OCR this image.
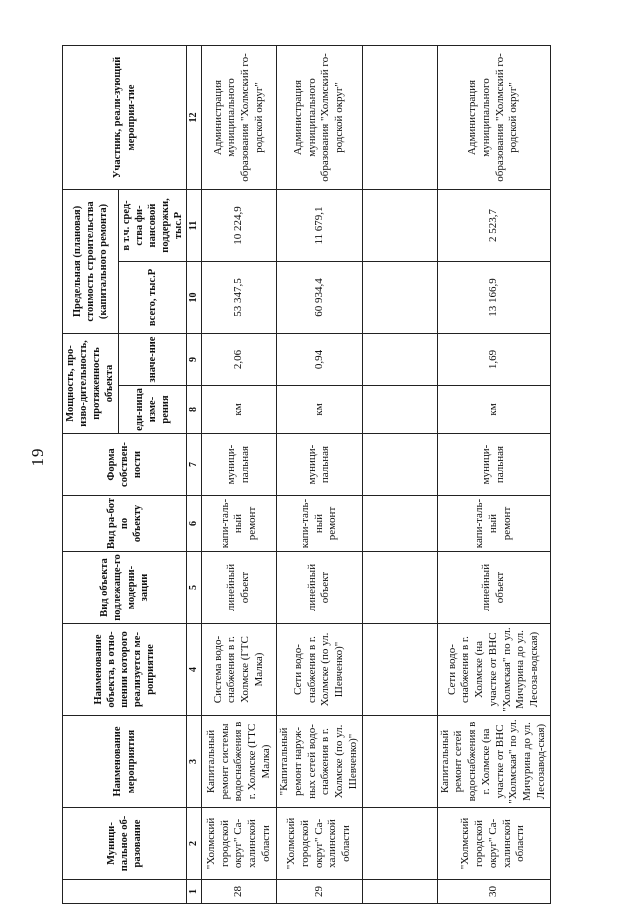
19
	Муници-пальное об-разование	Наименование мероприятия	Наименование объекта, в отно-шении которого реализуется ме-роприятие	Вид объекта подлежаще-го модерни-зации	Вид ра-бот по объекту	Форма собствен-ности	Мощность, про-изво-дительность, протяженность объекта		Предельная (плановая) стоимость строительства (капитального ремонта)		Участник, реали-зующий мероприя-тие
							еди-ница изме-рения	значе-ние	всего, тыс.Р	в т.ч. сред-ства фи-нансовой поддержки, тыс.Р	
1	2	3	4	5	6	7	8	9	10	11	12
28	"Холмский городской округ" Са-халинской области	Капитальный ремонт системы водоснабжения в г. Холмске (ГТС Малка)	Система водо-снабжения в г. Холмске (ГТС Малка)	линейный объект	капи-таль-ный ремонт	муници-пальная	км	2,06	53 347,5	10 224,9	Администрация муниципального образования "Холмский го-родской округ"
29	"Холмский городской округ" Са-халинской области	"Капитальный ремонт наруж-ных сетей водо-снабжения в г. Холмске (по ул. Шевченко)"	Сети водо-снабжения в г. Холмске (по ул. Шевченко)"	линейный объект	капи-таль-ный ремонт	муници-пальная	км	0,94	60 934,4	11 679,1	Администрация муниципального образования "Холмский го-родской округ"

30	"Холмский городской округ" Са-халинской области	Капитальный ремонт сетей водоснабжения в г. Холмске (на участке от ВНС "Холмская" по ул. Мичурина до ул. Лесозавод-ская)	Сети водо-снабжения в г. Холмске (на участке от ВНС "Холмская" по ул. Мичурина до ул. Лесоза-водская)	линейный объект	капи-таль-ный ремонт	муници-пальная	км	1,69	13 166,9	2 523,7	Администрация муниципального образования "Холмский го-родской округ"
